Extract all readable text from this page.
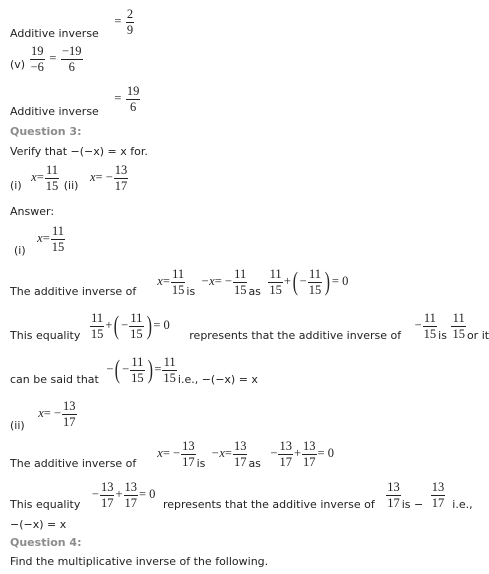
Additive inverse = $\frac{2}{9}$
$(v) \frac{19}{-6} = \frac{-19}{6}$
Additive inverse = $\frac{19}{6}$
Question 3:
Verify that −(−x) = x for.
(i) $x= \frac{11}{15} (ii) x= - \frac{13}{17}$
Answer:
(i) $x= \frac{11}{15}$
The additive inverse of  $x= \frac{11}{15}$ is $-x= - \frac{11}{15}$ as $\frac{11}{15}$ +( − $\frac{11}{15}$ ) = 0
This equality $\frac{11}{15}$ +( − $\frac{11}{15}$ ) = 0 represents that the additive inverse of − $\frac{11}{15}$ is $\frac{11}{15}$ or it
can be said that −( − $\frac{11}{15}$ ) = $\frac{11}{15} i.e$., −(−x) = x
(ii) $x= - \frac{13}{17}$
The additive inverse of  $x= - \frac{13}{17}$ is $-x= \frac{13}{17}$ as − $\frac{13}{17} + \frac{13}{17} = 0$
This equality − $\frac{13}{17} + \frac{13}{17} = 0$ represents that the additive inverse of $\frac{13}{17}$ is − $\frac{13}{17} i.e$.,
−(−x) = x
Question 4:
Find the multiplicative inverse of the following.
